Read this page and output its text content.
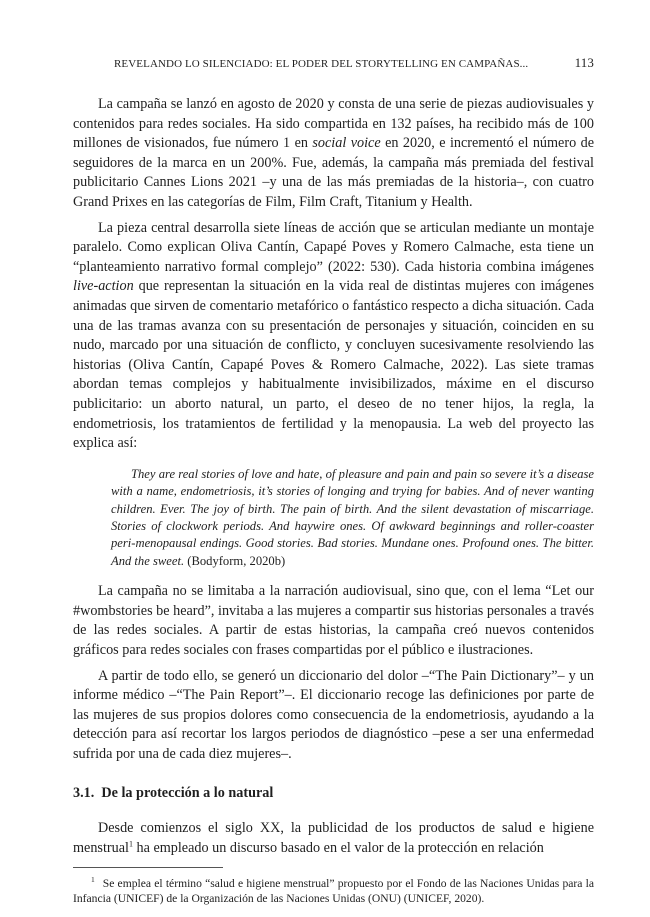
REVELANDO LO SILENCIADO: EL PODER DEL STORYTELLING EN CAMPAÑAS...	113

La campaña se lanzó en agosto de 2020 y consta de una serie de piezas audiovisuales y contenidos para redes sociales. Ha sido compartida en 132 países, ha recibido más de 100 millones de visionados, fue número 1 en social voice en 2020, e incrementó el número de seguidores de la marca en un 200%. Fue, además, la campaña más premiada del festival publicitario Cannes Lions 2021 –y una de las más premiadas de la historia–, con cuatro Grand Prixes en las categorías de Film, Film Craft, Titanium y Health.

La pieza central desarrolla siete líneas de acción que se articulan mediante un montaje paralelo. Como explican Oliva Cantín, Capapé Poves y Romero Calmache, esta tiene un “planteamiento narrativo formal complejo” (2022: 530). Cada historia combina imágenes live-action que representan la situación en la vida real de distintas mujeres con imágenes animadas que sirven de comentario metafórico o fantástico respecto a dicha situación. Cada una de las tramas avanza con su presentación de personajes y situación, coinciden en su nudo, marcado por una situación de conflicto, y concluyen sucesivamente resolviendo las historias (Oliva Cantín, Capapé Poves & Romero Calmache, 2022). Las siete tramas abordan temas complejos y habitualmente invisibilizados, máxime en el discurso publicitario: un aborto natural, un parto, el deseo de no tener hijos, la regla, la endometriosis, los tratamientos de fertilidad y la menopausia. La web del proyecto las explica así:

They are real stories of love and hate, of pleasure and pain and pain so severe it’s a disease with a name, endometriosis, it’s stories of longing and trying for babies. And of never wanting children. Ever. The joy of birth. The pain of birth. And the silent devastation of miscarriage. Stories of clockwork periods. And haywire ones. Of awkward beginnings and roller-coaster peri-menopausal endings. Good stories. Bad stories. Mundane ones. Profound ones. The bitter. And the sweet. (Bodyform, 2020b)

La campaña no se limitaba a la narración audiovisual, sino que, con el lema “Let our #wombstories be heard”, invitaba a las mujeres a compartir sus historias personales a través de las redes sociales. A partir de estas historias, la campaña creó nuevos contenidos gráficos para redes sociales con frases compartidas por el público e ilustraciones.

A partir de todo ello, se generó un diccionario del dolor –“The Pain Dictionary”– y un informe médico –“The Pain Report”–. El diccionario recoge las definiciones por parte de las mujeres de sus propios dolores como consecuencia de la endometriosis, ayudando a la detección para así recortar los largos periodos de diagnóstico –pese a ser una enfermedad sufrida por una de cada diez mujeres–.

3.1. De la protección a lo natural

Desde comienzos el siglo XX, la publicidad de los productos de salud e higiene menstrual$^1$ ha empleado un discurso basado en el valor de la protección en relación

$^1$ Se emplea el término “salud e higiene menstrual” propuesto por el Fondo de las Naciones Unidas para la Infancia (UNICEF) de la Organización de las Naciones Unidas (ONU) (UNICEF, 2020).
